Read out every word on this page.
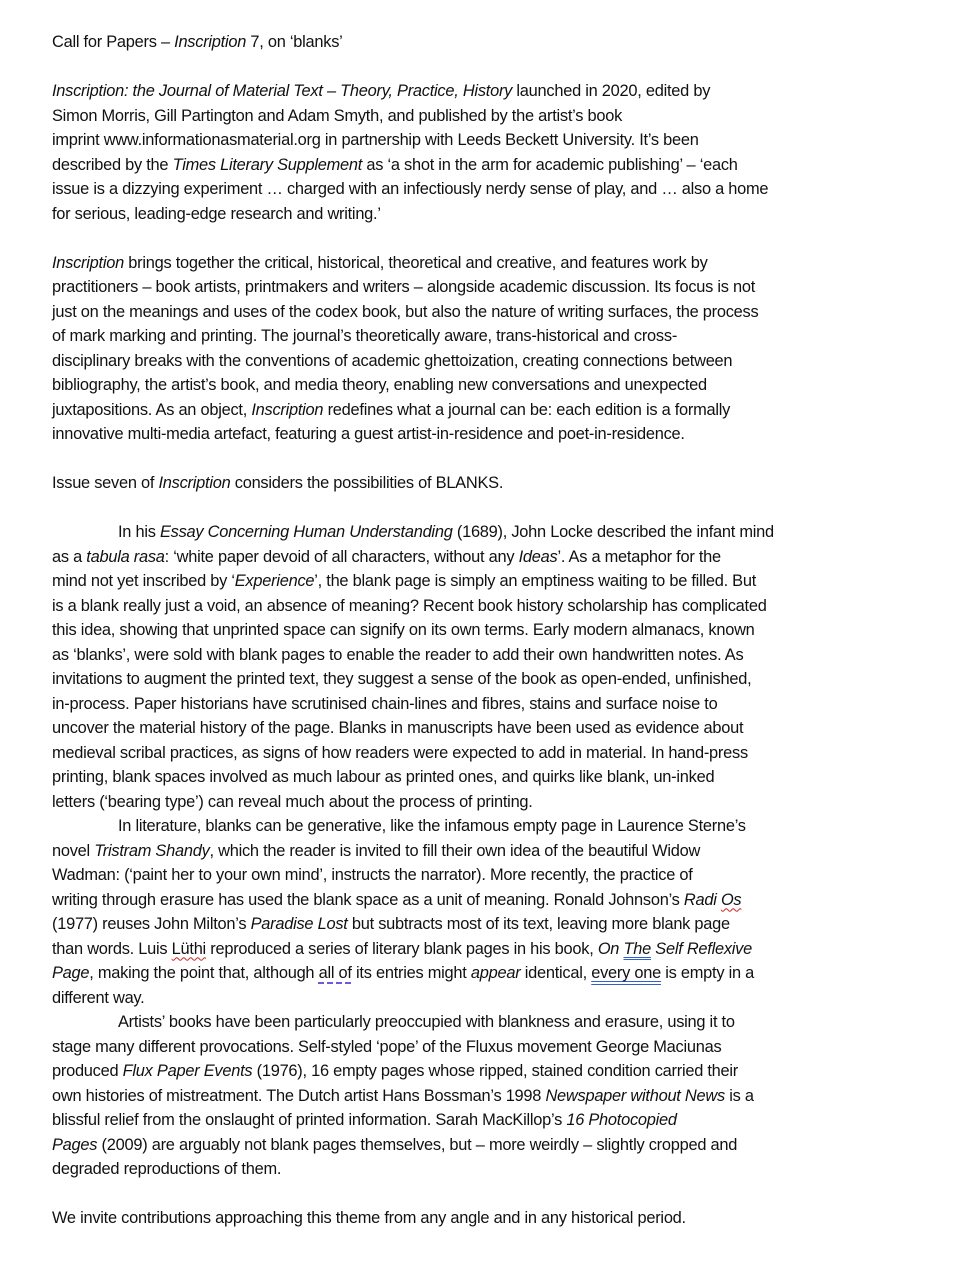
Call for Papers – Inscription 7, on ‘blanks’
Inscription: the Journal of Material Text – Theory, Practice, History launched in 2020, edited by
Simon Morris, Gill Partington and Adam Smyth, and published by the artist’s book
imprint www.informationasmaterial.org in partnership with Leeds Beckett University. It’s been
described by the Times Literary Supplement as ‘a shot in the arm for academic publishing’ – ‘each
issue is a dizzying experiment … charged with an infectiously nerdy sense of play, and … also a home
for serious, leading-edge research and writing.’
Inscription brings together the critical, historical, theoretical and creative, and features work by
practitioners – book artists, printmakers and writers – alongside academic discussion. Its focus is not
just on the meanings and uses of the codex book, but also the nature of writing surfaces, the process
of mark marking and printing. The journal’s theoretically aware, trans-historical and cross-
disciplinary breaks with the conventions of academic ghettoization, creating connections between
bibliography, the artist’s book, and media theory, enabling new conversations and unexpected
juxtapositions. As an object, Inscription redefines what a journal can be: each edition is a formally
innovative multi-media artefact, featuring a guest artist-in-residence and poet-in-residence.
Issue seven of Inscription considers the possibilities of BLANKS.
In his Essay Concerning Human Understanding (1689), John Locke described the infant mind
as a tabula rasa: ‘white paper devoid of all characters, without any Ideas’. As a metaphor for the
mind not yet inscribed by ‘Experience’, the blank page is simply an emptiness waiting to be filled. But
is a blank really just a void, an absence of meaning? Recent book history scholarship has complicated
this idea, showing that unprinted space can signify on its own terms. Early modern almanacs, known
as ‘blanks’, were sold with blank pages to enable the reader to add their own handwritten notes. As
invitations to augment the printed text, they suggest a sense of the book as open-ended, unfinished,
in-process. Paper historians have scrutinised chain-lines and fibres, stains and surface noise to
uncover the material history of the page. Blanks in manuscripts have been used as evidence about
medieval scribal practices, as signs of how readers were expected to add in material. In hand-press
printing, blank spaces involved as much labour as printed ones, and quirks like blank, un-inked
letters (‘bearing type’) can reveal much about the process of printing.
In literature, blanks can be generative, like the infamous empty page in Laurence Sterne’s
novel Tristram Shandy, which the reader is invited to fill their own idea of the beautiful Widow
Wadman: (‘paint her to your own mind’, instructs the narrator). More recently, the practice of
writing through erasure has used the blank space as a unit of meaning. Ronald Johnson’s Radi Os
(1977) reuses John Milton’s Paradise Lost but subtracts most of its text, leaving more blank page
than words. Luis Lüthi reproduced a series of literary blank pages in his book, On The Self Reflexive
Page, making the point that, although all of its entries might appear identical, every one is empty in a
different way.
Artists’ books have been particularly preoccupied with blankness and erasure, using it to
stage many different provocations. Self-styled ‘pope’ of the Fluxus movement George Maciunas
produced Flux Paper Events (1976), 16 empty pages whose ripped, stained condition carried their
own histories of mistreatment. The Dutch artist Hans Bossman’s 1998 Newspaper without News is a
blissful relief from the onslaught of printed information. Sarah MacKillop’s 16 Photocopied
Pages (2009) are arguably not blank pages themselves, but – more weirdly – slightly cropped and
degraded reproductions of them.
We invite contributions approaching this theme from any angle and in any historical period.
